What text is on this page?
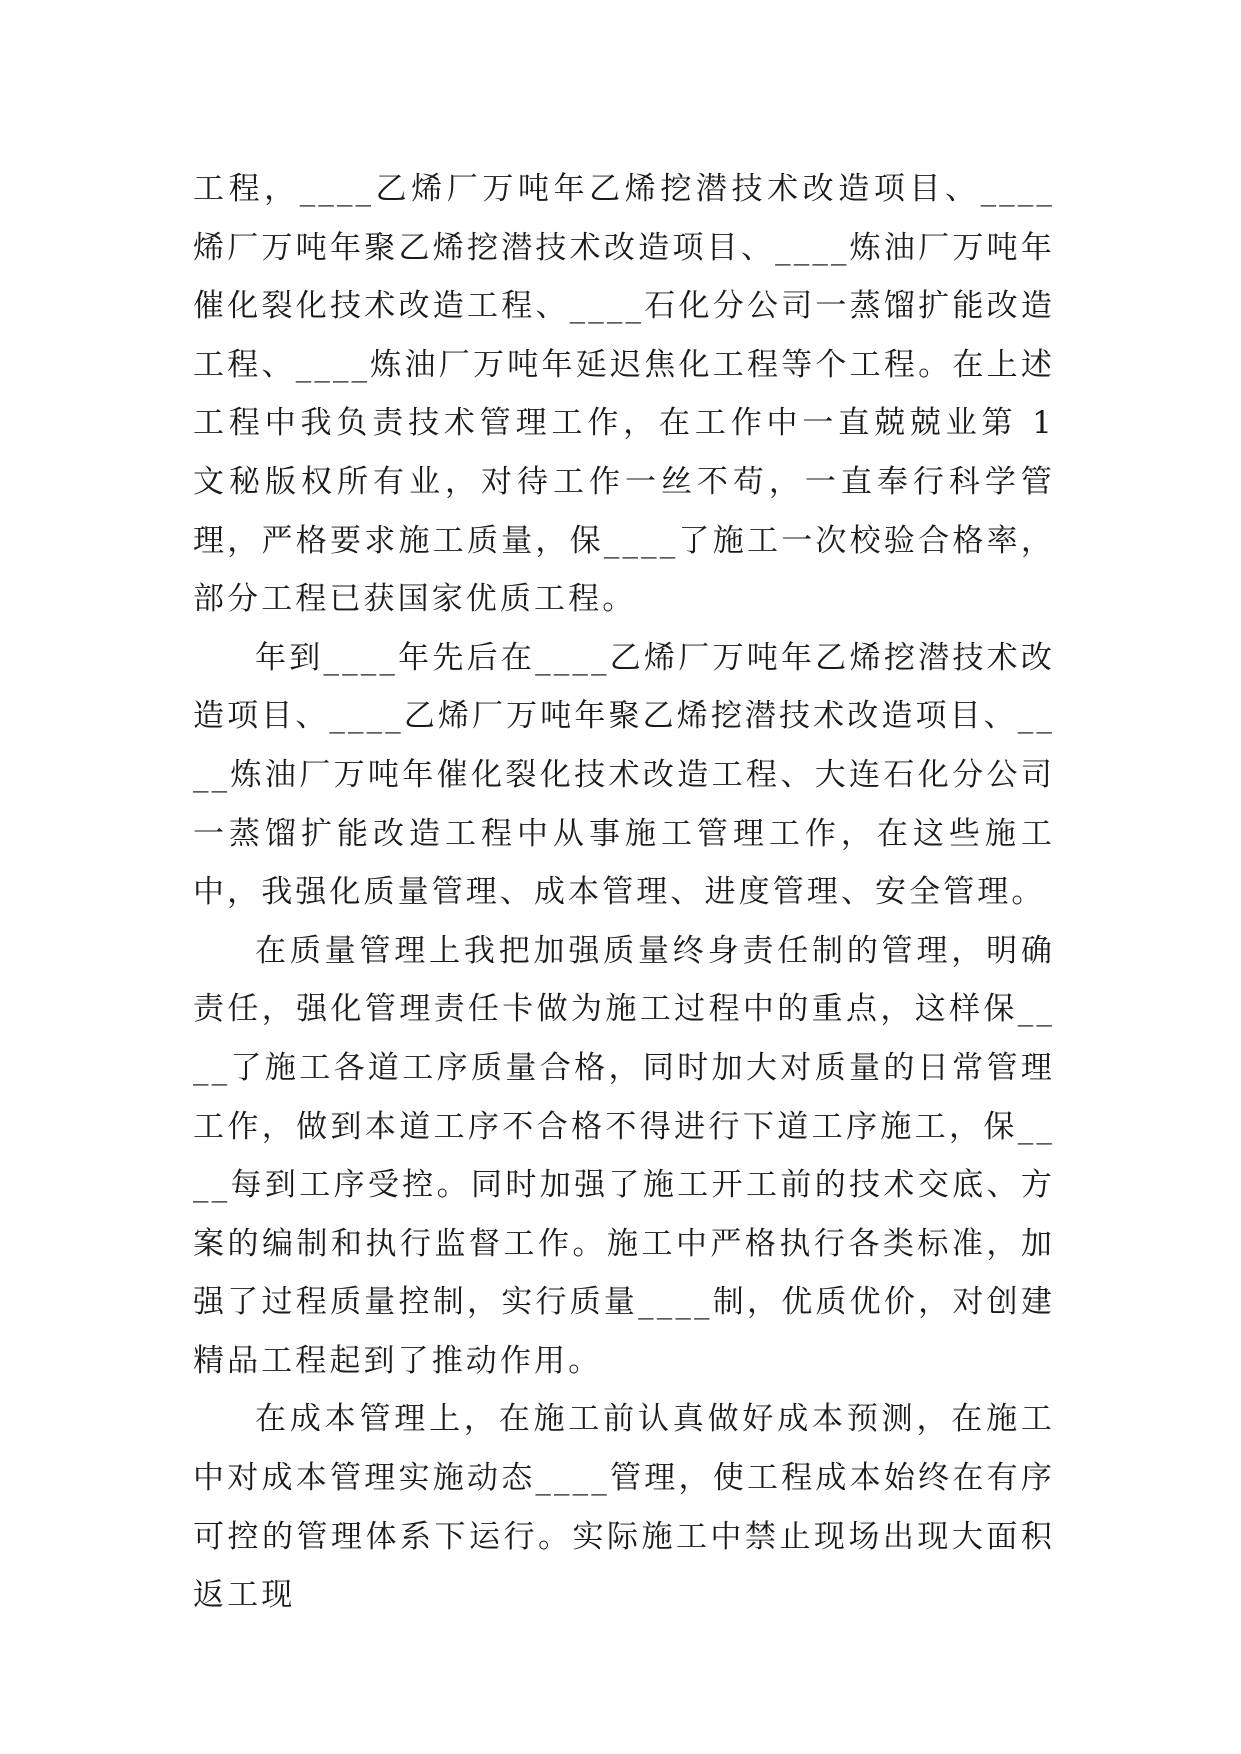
工程，____乙烯厂万吨年乙烯挖潜技术改造项目、____烯厂万吨年聚乙烯挖潜技术改造项目、____炼油厂万吨年催化裂化技术改造工程、____石化分公司一蒸馏扩能改造工程、____炼油厂万吨年延迟焦化工程等个工程。在上述工程中我负责技术管理工作，在工作中一直兢兢业第 1 文秘版权所有业，对待工作一丝不苟，一直奉行科学管理，严格要求施工质量，保____了施工一次校验合格率，部分工程已获国家优质工程。

年到____年先后在____乙烯厂万吨年乙烯挖潜技术改造项目、____乙烯厂万吨年聚乙烯挖潜技术改造项目、____炼油厂万吨年催化裂化技术改造工程、大连石化分公司一蒸馏扩能改造工程中从事施工管理工作，在这些施工中，我强化质量管理、成本管理、进度管理、安全管理。

在质量管理上我把加强质量终身责任制的管理，明确责任，强化管理责任卡做为施工过程中的重点，这样保____了施工各道工序质量合格，同时加大对质量的日常管理工作，做到本道工序不合格不得进行下道工序施工，保____每到工序受控。同时加强了施工开工前的技术交底、方案的编制和执行监督工作。施工中严格执行各类标准，加强了过程质量控制，实行质量____制，优质优价，对创建精品工程起到了推动作用。

在成本管理上，在施工前认真做好成本预测，在施工中对成本管理实施动态____管理，使工程成本始终在有序可控的管理体系下运行。实际施工中禁止现场出现大面积返工现
